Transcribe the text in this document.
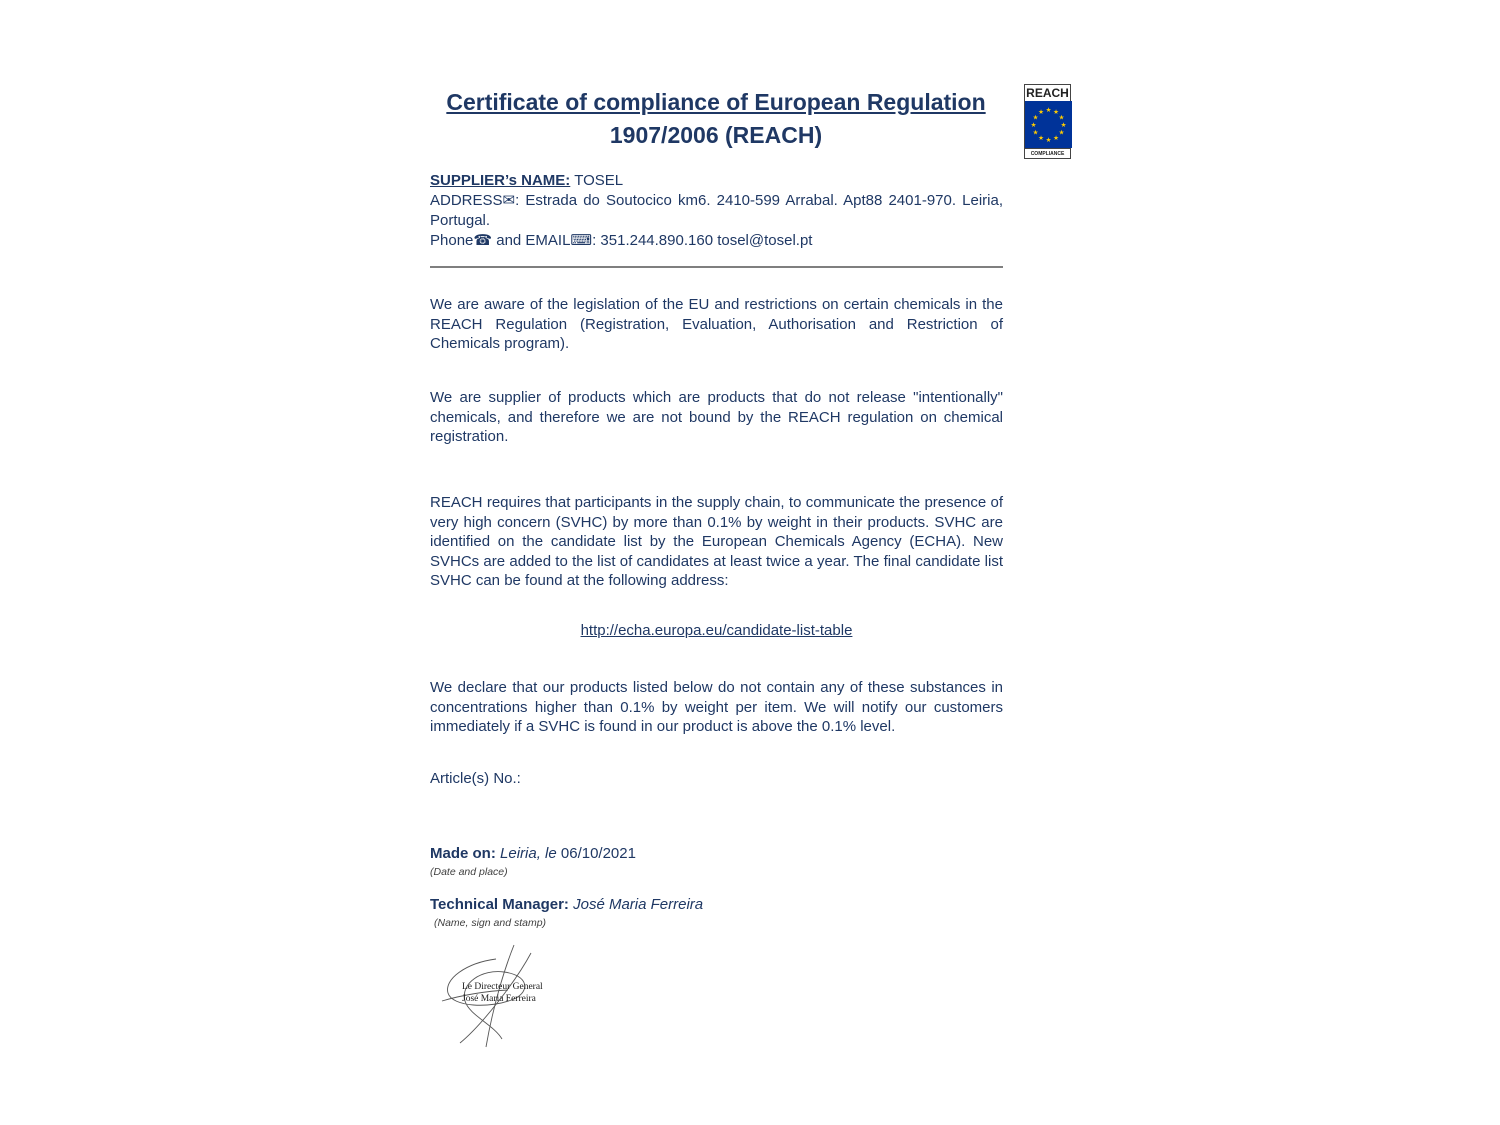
Certificate of compliance of European Regulation
1907/2006 (REACH)
REACH
★ ★
★
★
★
★
★
★
★
★
★
★
COMPLIANCE
SUPPLIER’s NAME: TOSEL
ADDRESS✉: Estrada do Soutocico km6. 2410-599 Arrabal. Apt88 2401-970. Leiria, Portugal.
Phone☎ and EMAIL⌨: 351.244.890.160 tosel@tosel.pt
We are aware of the legislation of the EU and restrictions on certain chemicals in the REACH Regulation (Registration, Evaluation, Authorisation and Restriction of Chemicals program).
We are supplier of products which are products that do not release "intentionally" chemicals, and therefore we are not bound by the REACH regulation on chemical registration.
REACH requires that participants in the supply chain, to communicate the presence of very high concern (SVHC) by more than 0.1% by weight in their products. SVHC are identified on the candidate list by the European Chemicals Agency (ECHA). New SVHCs are added to the list of candidates at least twice a year. The final candidate list SVHC can be found at the following address:
http://echa.europa.eu/candidate-list-table
We declare that our products listed below do not contain any of these substances in concentrations higher than 0.1% by weight per item. We will notify our customers immediately if a SVHC is found in our product is above the 0.1% level.
Article(s) No.:
Made on: Leiria, le 06/10/2021
(Date and place)
Technical Manager: José Maria Ferreira
(Name, sign and stamp)
Le Directeur General
José Maria Ferreira
